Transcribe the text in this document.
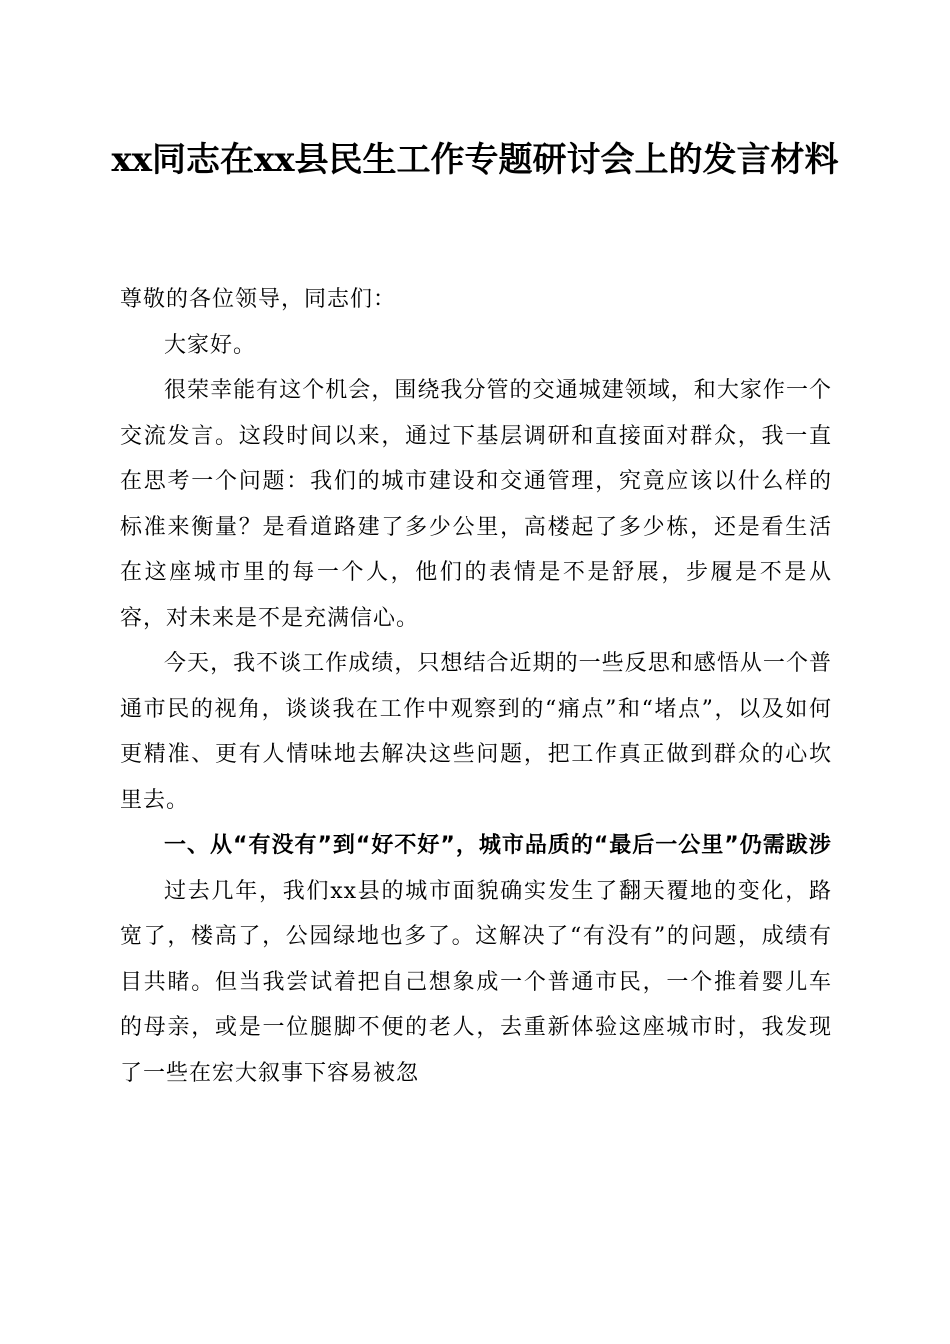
xx同志在xx县民生工作专题研讨会上的发言材料

尊敬的各位领导，同志们：

大家好。

很荣幸能有这个机会，围绕我分管的交通城建领域，和大家作一个交流发言。这段时间以来，通过下基层调研和直接面对群众，我一直在思考一个问题：我们的城市建设和交通管理，究竟应该以什么样的标准来衡量？是看道路建了多少公里，高楼起了多少栋，还是看生活在这座城市里的每一个人，他们的表情是不是舒展，步履是不是从容，对未来是不是充满信心。

今天，我不谈工作成绩，只想结合近期的一些反思和感悟从一个普通市民的视角，谈谈我在工作中观察到的“痛点”和“堵点”，以及如何更精准、更有人情味地去解决这些问题，把工作真正做到群众的心坎里去。

一、从“有没有”到“好不好”，城市品质的“最后一公里”仍需跋涉

过去几年，我们xx县的城市面貌确实发生了翻天覆地的变化，路宽了，楼高了，公园绿地也多了。这解决了“有没有”的问题，成绩有目共睹。但当我尝试着把自己想象成一个普通市民，一个推着婴儿车的母亲，或是一位腿脚不便的老人，去重新体验这座城市时，我发现了一些在宏大叙事下容易被忽
